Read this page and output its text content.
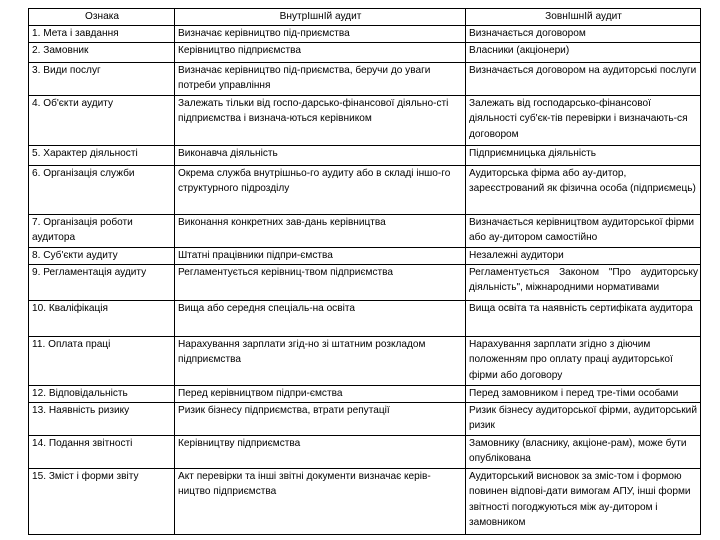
Ознака	ВнутрІшнІй аудит	ЗовнІшнІй аудит
1. Мета і завдання	Визначає керівництво під-приємства	Визначається договором
2. Замовник	Керівництво підприємства	Власники (акціонери)
3. Види послуг	Визначає керівництво під-приємства, беручи до уваги потреби управління	Визначається договором на аудиторські послуги
4. Об'єкти аудиту	Залежать тільки від госпо-дарсько-фінансової діяльно-сті підприємства і визнача-ються керівником	Залежать від господарсько-фінансової діяльності суб'єк-тів перевірки і визначають-ся договором
5. Характер діяльності	Виконавча діяльність	Підприємницька діяльність
6. Організація служби	Окрема служба внутрішньо-го аудиту або в складі іншо-го структурного підрозділу	Аудиторська фірма або ау-дитор, зареєстрований як фізична особа (підприємець)
7. Організація роботи аудитора	Виконання конкретних зав-дань керівництва	Визначається керівництвом аудиторської фірми або ау-дитором самостійно
8. Суб'єкти аудиту	Штатні працівники підпри-ємства	Незалежні аудитори
9. Регламентація аудиту	Регламентується керівниц-твом підприємства	Регламентується Законом "Про аудиторську діяльність", міжнародними нормативами
10. Кваліфікація	Вища або середня спеціаль-на освіта	Вища освіта та наявність сертифіката аудитора
11. Оплата праці	Нарахування зарплати згід-но зі штатним розкладом підприємства	Нарахування зарплати згідно з діючим положенням про оплату праці аудиторської фірми або договору
12. Відповідальність	Перед керівництвом підпри-ємства	Перед замовником і перед тре-тіми особами
13. Наявність ризику	Ризик бізнесу підприємства, втрати репутації	Ризик бізнесу аудиторської фірми, аудиторський ризик
14. Подання звітності	Керівництву підприємства	Замовнику (власнику, акціоне-рам), може бути опублікована
15. Зміст і форми звіту	Акт перевірки та інші звітні документи визначає керів-ництво підприємства	Аудиторський висновок за зміс-том і формою повинен відпові-дати вимогам АПУ, інші форми звітності погоджуються між ау-дитором і замовником
